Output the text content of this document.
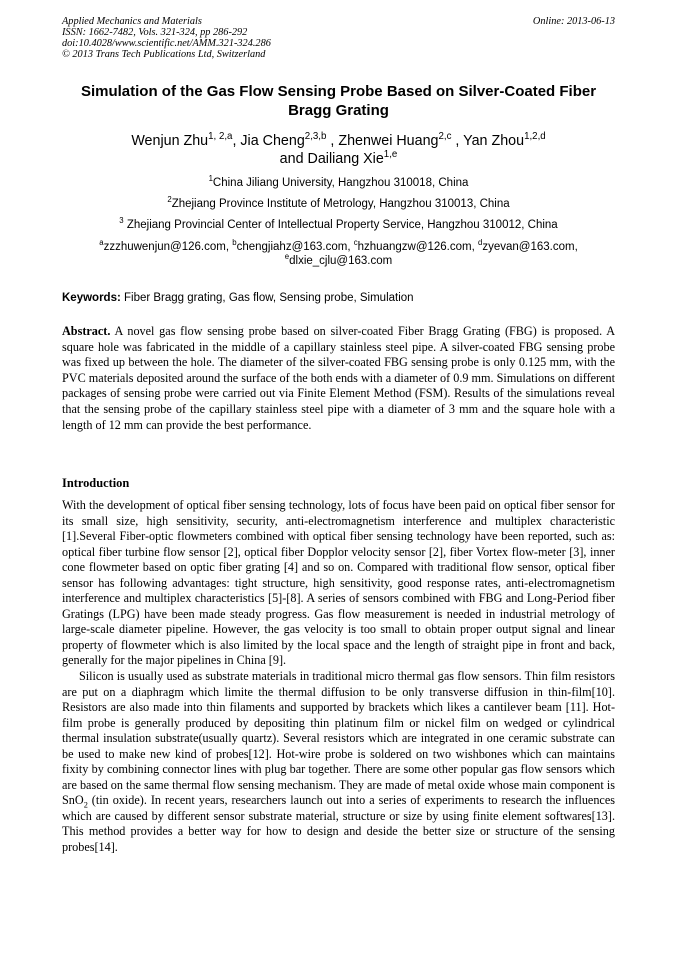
Applied Mechanics and Materials
ISSN: 1662-7482, Vols. 321-324, pp 286-292
doi:10.4028/www.scientific.net/AMM.321-324.286
© 2013 Trans Tech Publications Ltd, Switzerland
Online: 2013-06-13
Simulation of the Gas Flow Sensing Probe Based on Silver-Coated Fiber Bragg Grating
Wenjun Zhu$^{1, 2,a}$, Jia Cheng$^{2,3,b}$ , Zhenwei Huang$^{2,c}$ , Yan Zhou$^{1,2,d}$
and Dailiang Xie$^{1,e}$
$^1$China Jiliang University, Hangzhou 310018, China
$^2$Zhejiang Province Institute of Metrology, Hangzhou 310013, China
$^3$ Zhejiang Provincial Center of Intellectual Property Service, Hangzhou 310012, China
$^a$zzzhuwenjun@126.com, $^b$chengjiahz@163.com, $^c$hzhuangzw@126.com, $^d$zyevan@163.com,
$^e$dlxie_cjlu@163.com
Keywords: Fiber Bragg grating, Gas flow, Sensing probe, Simulation
Abstract. A novel gas flow sensing probe based on silver-coated Fiber Bragg Grating (FBG) is proposed. A square hole was fabricated in the middle of a capillary stainless steel pipe. A silver-coated FBG sensing probe was fixed up between the hole. The diameter of the silver-coated FBG sensing probe is only 0.125 mm, with the PVC materials deposited around the surface of the both ends with a diameter of 0.9 mm. Simulations on different packages of sensing probe were carried out via Finite Element Method (FSM). Results of the simulations reveal that the sensing probe of the capillary stainless steel pipe with a diameter of 3 mm and the square hole with a length of 12 mm can provide the best performance.
Introduction

With the development of optical fiber sensing technology, lots of focus have been paid on optical fiber sensor for its small size, high sensitivity, security, anti-electromagnetism interference and multiplex characteristic [1].Several Fiber-optic flowmeters combined with optical fiber sensing technology have been reported, such as: optical fiber turbine flow sensor [2], optical fiber Dopplor velocity sensor [2], fiber Vortex flow-meter [3], inner cone flowmeter based on optic fiber grating [4] and so on. Compared with traditional flow sensor, optical fiber sensor has following advantages: tight structure, high sensitivity, good response rates, anti-electromagnetism interference and multiplex characteristics [5]-[8]. A series of sensors combined with FBG and Long-Period fiber Gratings (LPG) have been made steady progress. Gas flow measurement is needed in industrial metrology of large-scale diameter pipeline. However, the gas velocity is too small to obtain proper output signal and linear property of flowmeter which is also limited by the local space and the length of straight pipe in front and back, generally for the major pipelines in China [9].

Silicon is usually used as substrate materials in traditional micro thermal gas flow sensors. Thin film resistors are put on a diaphragm which limite the thermal diffusion to be only transverse diffusion in thin-film[10]. Resistors are also made into thin filaments and supported by brackets which likes a cantilever beam [11]. Hot-film probe is generally produced by depositing thin platinum film or nickel film on wedged or cylindrical thermal insulation substrate(usually quartz). Several resistors which are integrated in one ceramic substrate can be used to make new kind of probes[12]. Hot-wire probe is soldered on two wishbones which can maintains fixity by combining connector lines with plug bar together. There are some other popular gas flow sensors which are based on the same thermal flow sensing mechanism. They are made of metal oxide whose main component is SnO$_2$ (tin oxide). In recent years, researchers launch out into a series of experiments to research the influences which are caused by different sensor substrate material, structure or size by using finite element softwares[13]. This method provides a better way for how to design and deside the better size or structure of the sensing probes[14].
